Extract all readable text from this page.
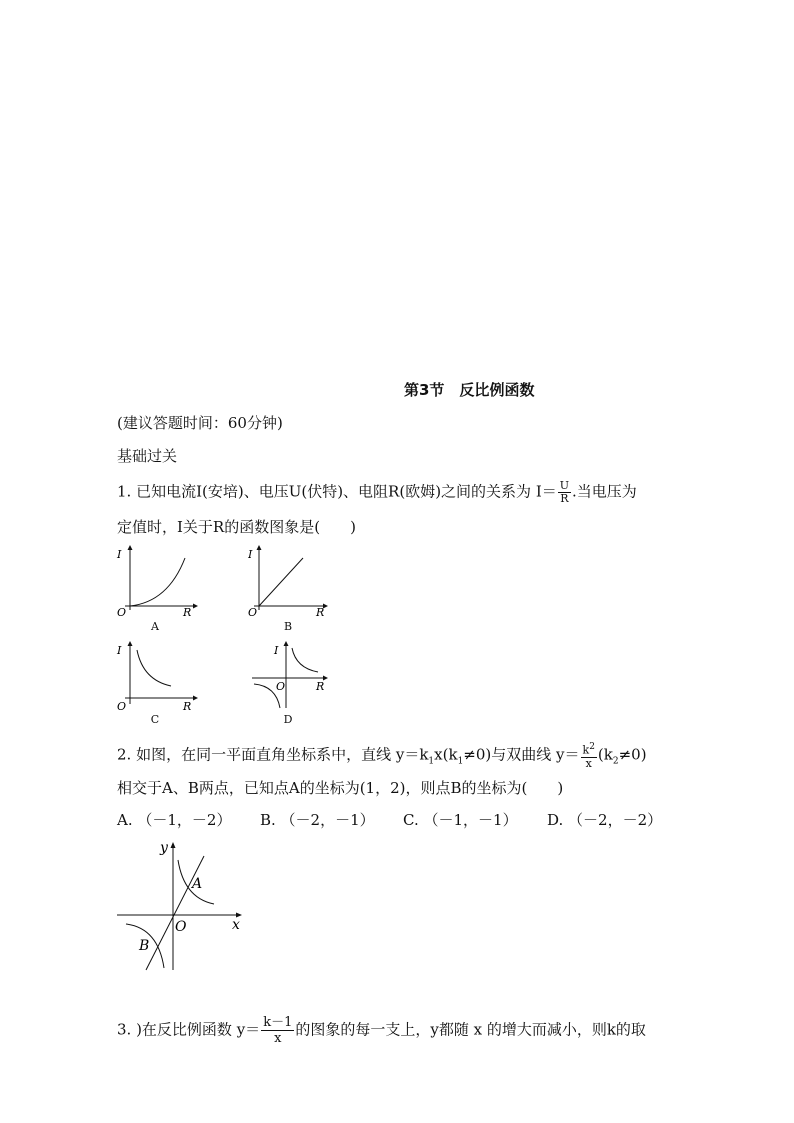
第3节　反比例函数
(建议答题时间：60分钟)
基础过关
1. 已知电流I(安培)、电压U(伏特)、电阻R(欧姆)之间的关系为 $I= \frac{U}{R}$ .当电压为
定值时，I关于R的函数图象是(　　)
I
R
O
A
I
R
O
B
I
R
O
C
I
R
O
D
2. 如图，在同一平面直角坐标系中，直线 $y=k_1x(k_1\ne 0)$与双曲线 $y= \frac{k^2}{x} (k_2\ne 0)$
相交于A、B两点，已知点A的坐标为(1，2)，则点B的坐标为(　　)
A. （－1，－2） B. （－2，－1） C. （－1，－1） D. （－2，－2）
y
x
O
A
B
3. )在反比例函数 $y= \frac{k-1}{x}$ 的图象的每一支上，y都随 x 的增大而减小，则k的取
